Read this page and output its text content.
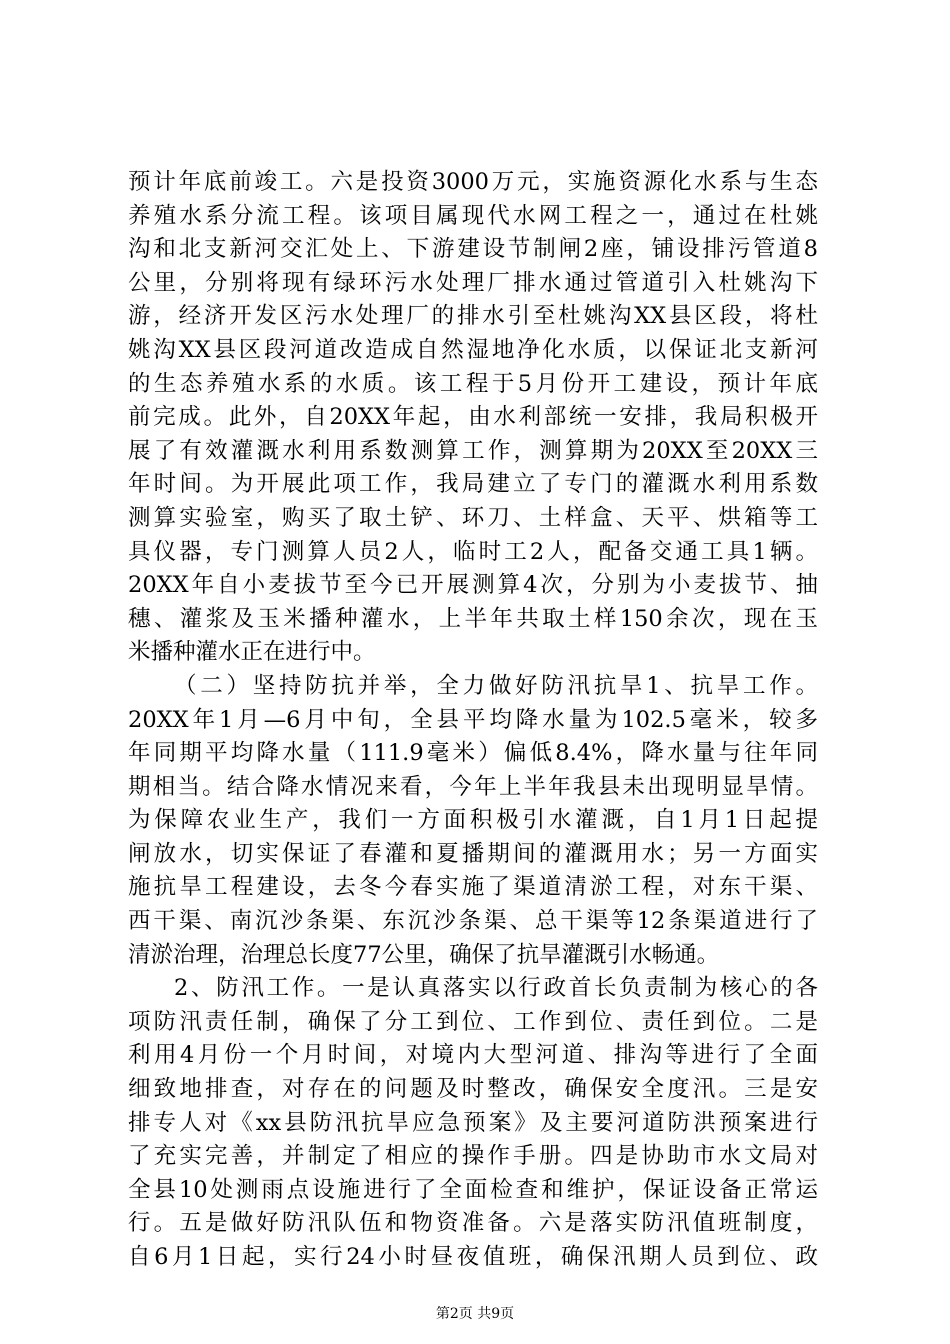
预计年底前竣工。六是投资3000万元，实施资源化水系与生态
养殖水系分流工程。该项目属现代水网工程之一，通过在杜姚
沟和北支新河交汇处上、下游建设节制闸2座，铺设排污管道8
公里，分别将现有绿环污水处理厂排水通过管道引入杜姚沟下
游，经济开发区污水处理厂的排水引至杜姚沟XX县区段，将杜
姚沟XX县区段河道改造成自然湿地净化水质，以保证北支新河
的生态养殖水系的水质。该工程于5月份开工建设，预计年底
前完成。此外，自20XX年起，由水利部统一安排，我局积极开
展了有效灌溉水利用系数测算工作，测算期为20XX至20XX三
年时间。为开展此项工作，我局建立了专门的灌溉水利用系数
测算实验室，购买了取土铲、环刀、土样盒、天平、烘箱等工
具仪器，专门测算人员2人，临时工2人，配备交通工具1辆。
20XX年自小麦拔节至今已开展测算4次，分别为小麦拔节、抽
穗、灌浆及玉米播种灌水，上半年共取土样150余次，现在玉
米播种灌水正在进行中。
（二）坚持防抗并举，全力做好防汛抗旱1、抗旱工作。
20XX年1月—6月中旬，全县平均降水量为102.5毫米，较多
年同期平均降水量（111.9毫米）偏低8.4%，降水量与往年同
期相当。结合降水情况来看，今年上半年我县未出现明显旱情。
为保障农业生产，我们一方面积极引水灌溉，自1月1日起提
闸放水，切实保证了春灌和夏播期间的灌溉用水；另一方面实
施抗旱工程建设，去冬今春实施了渠道清淤工程，对东干渠、
西干渠、南沉沙条渠、东沉沙条渠、总干渠等12条渠道进行了
清淤治理，治理总长度77公里，确保了抗旱灌溉引水畅通。
2、防汛工作。一是认真落实以行政首长负责制为核心的各
项防汛责任制，确保了分工到位、工作到位、责任到位。二是
利用4月份一个月时间，对境内大型河道、排沟等进行了全面
细致地排查，对存在的问题及时整改，确保安全度汛。三是安
排专人对《xx县防汛抗旱应急预案》及主要河道防洪预案进行
了充实完善，并制定了相应的操作手册。四是协助市水文局对
全县10处测雨点设施进行了全面检查和维护，保证设备正常运
行。五是做好防汛队伍和物资准备。六是落实防汛值班制度，
自6月1日起，实行24小时昼夜值班，确保汛期人员到位、政
第2页 共9页
